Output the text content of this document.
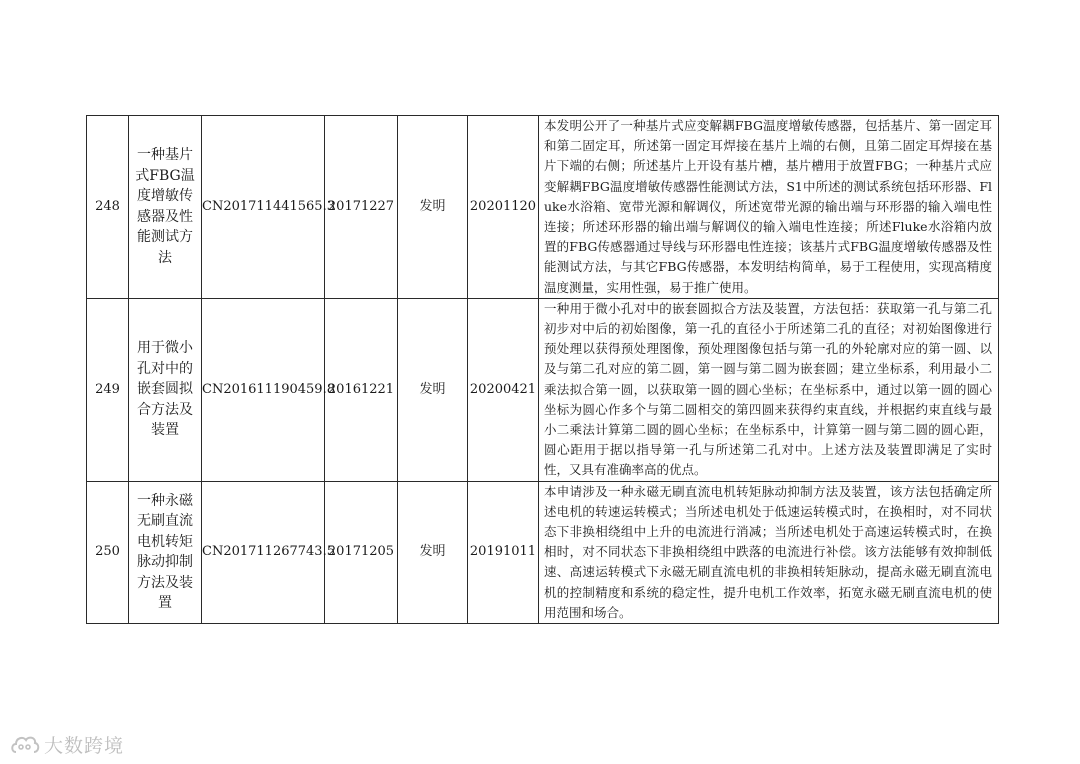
248	一种基片式FBG温度增敏传感器及性能测试方法	CN201711441565.3	20171227	发明	20201120	本发明公开了一种基片式应变解耦FBG温度增敏传感器，包括基片、第一固定耳和第二固定耳，所述第一固定耳焊接在基片上端的右侧，且第二固定耳焊接在基片下端的右侧；所述基片上开设有基片槽，基片槽用于放置FBG；一种基片式应变解耦FBG温度增敏传感器性能测试方法，S1中所述的测试系统包括环形器、Fluke水浴箱、宽带光源和解调仪，所述宽带光源的输出端与环形器的输入端电性连接；所述环形器的输出端与解调仪的输入端电性连接；所述Fluke水浴箱内放置的FBG传感器通过导线与环形器电性连接；该基片式FBG温度增敏传感器及性能测试方法，与其它FBG传感器，本发明结构简单，易于工程使用，实现高精度温度测量，实用性强，易于推广使用。
249	用于微小孔对中的嵌套圆拟合方法及装置	CN201611190459.8	20161221	发明	20200421	一种用于微小孔对中的嵌套圆拟合方法及装置，方法包括：获取第一孔与第二孔初步对中后的初始图像，第一孔的直径小于所述第二孔的直径；对初始图像进行预处理以获得预处理图像，预处理图像包括与第一孔的外轮廓对应的第一圆、以及与第二孔对应的第二圆，第一圆与第二圆为嵌套圆；建立坐标系，利用最小二乘法拟合第一圆，以获取第一圆的圆心坐标；在坐标系中，通过以第一圆的圆心坐标为圆心作多个与第二圆相交的第四圆来获得约束直线，并根据约束直线与最小二乘法计算第二圆的圆心坐标；在坐标系中，计算第一圆与第二圆的圆心距，圆心距用于据以指导第一孔与所述第二孔对中。上述方法及装置即满足了实时性，又具有准确率高的优点。
250	一种永磁无刷直流电机转矩脉动抑制方法及装置	CN201711267743.5	20171205	发明	20191011	本申请涉及一种永磁无刷直流电机转矩脉动抑制方法及装置，该方法包括确定所述电机的转速运转模式；当所述电机处于低速运转模式时，在换相时，对不同状态下非换相绕组中上升的电流进行消减；当所述电机处于高速运转模式时，在换相时，对不同状态下非换相绕组中跌落的电流进行补偿。该方法能够有效抑制低速、高速运转模式下永磁无刷直流电机的非换相转矩脉动，提高永磁无刷直流电机的控制精度和系统的稳定性，提升电机工作效率，拓宽永磁无刷直流电机的使用范围和场合。
大数跨境
